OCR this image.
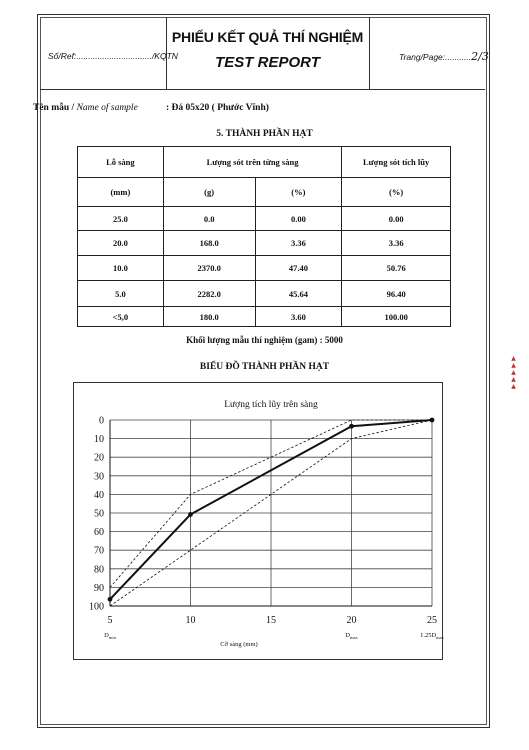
Số/Ref:................................/KQTN
PHIẾU KẾT QUẢ THÍ NGHIỆM
TEST REPORT	Trang/Page:...........2/3
Tên mẫu / Name of sample	: Đá 05x20 ( Phước Vĩnh)
5. THÀNH PHẦN HẠT
Lỗ sàng	Lượng sót trên từng sàng		Lượng sót tích lũy
(mm)	(g)	(%)	(%)
25.0	0.0	0.00	0.00
20.0	168.0	3.36	3.36
10.0	2370.0	47.40	50.76
5.0	2282.0	45.64	96.40
<5,0	180.0	3.60	100.00
Khối lượng mẫu thí nghiệm (gam) : 5000
BIỂU ĐỒ THÀNH PHẦN HẠT
Lượng tích lũy trên sàng
0
10
20
30
40
50
60
70
80
90
100
5	10	15	20	25
$D_{min}$	$D_{max}$	$1.25D_{max}$
Cỡ sàng (mm)
▲▲▲▲▲
